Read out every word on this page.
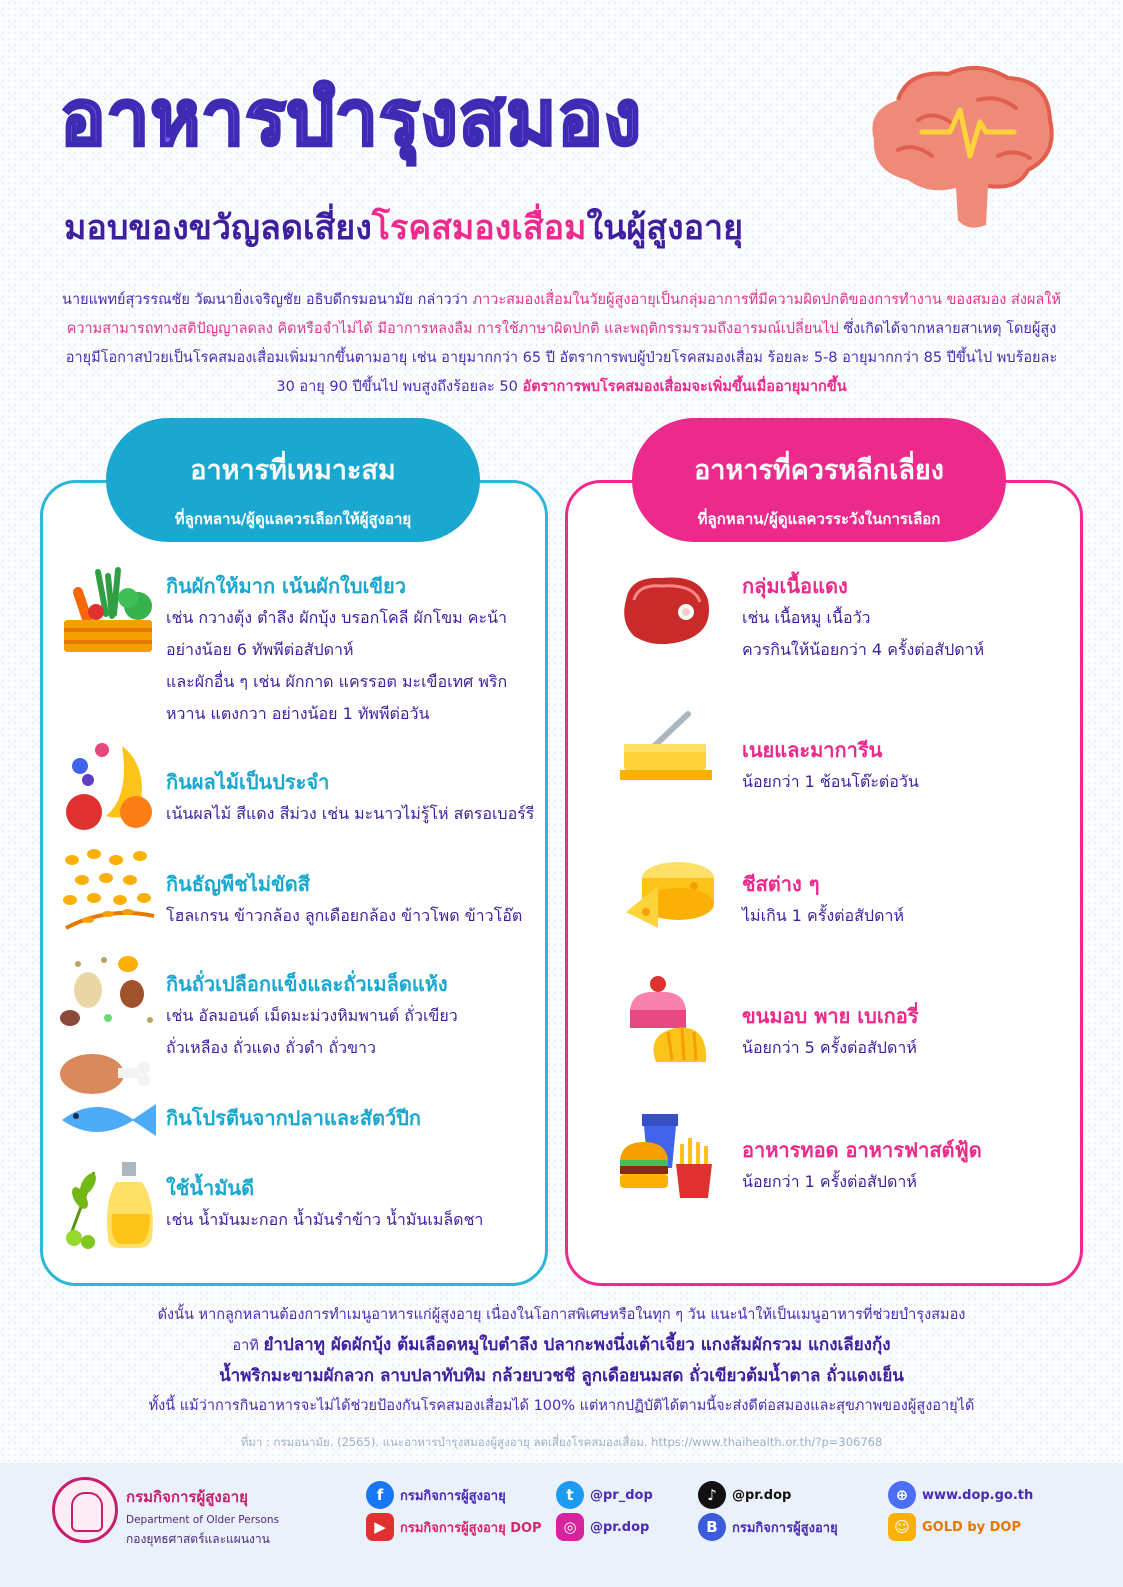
อาหารบำรุงสมอง
มอบของขวัญลดเสี่ยงโรคสมองเสื่อมในผู้สูงอายุ
นายแพทย์สุวรรณชัย วัฒนายิ่งเจริญชัย อธิบดีกรมอนามัย กล่าวว่า ภาวะสมองเสื่อมในวัยผู้สูงอายุเป็นกลุ่มอาการที่มีความผิดปกติของการทำงาน ของสมอง ส่งผลให้ความสามารถทางสติปัญญาลดลง คิดหรือจำไม่ได้ มีอาการหลงลืม การใช้ภาษาผิดปกติ และพฤติกรรมรวมถึงอารมณ์เปลี่ยนไป ซึ่งเกิดได้จากหลายสาเหตุ โดยผู้สูงอายุมีโอกาสป่วยเป็นโรคสมองเสื่อมเพิ่มมากขึ้นตามอายุ เช่น อายุมากกว่า 65 ปี อัตราการพบผู้ป่วยโรคสมองเสื่อม ร้อยละ 5-8 อายุมากกว่า 85 ปีขึ้นไป พบร้อยละ 30 อายุ 90 ปีขึ้นไป พบสูงถึงร้อยละ 50 อัตราการพบโรคสมองเสื่อมจะเพิ่มขึ้นเมื่ออายุมากขึ้น
อาหารที่เหมาะสม
ที่ลูกหลาน/ผู้ดูแลควรเลือกให้ผู้สูงอายุ
อาหารที่ควรหลีกเลี่ยง
ที่ลูกหลาน/ผู้ดูแลควรระวังในการเลือก
กินผักให้มาก เน้นผักใบเขียว
เช่น กวางตุ้ง ตำลึง ผักบุ้ง บรอกโคลี ผักโขม คะน้า
อย่างน้อย 6 ทัพพีต่อสัปดาห์
และผักอื่น ๆ เช่น ผักกาด แครรอต มะเขือเทศ พริก
หวาน แตงกวา อย่างน้อย 1 ทัพพีต่อวัน
กินผลไม้เป็นประจำ
เน้นผลไม้ สีแดง สีม่วง เช่น มะนาวไม่รู้โห่ สตรอเบอร์รี
กินธัญพืชไม่ขัดสี
โฮลเกรน ข้าวกล้อง ลูกเดือยกล้อง ข้าวโพด ข้าวโอ๊ต
กินถั่วเปลือกแข็งและถั่วเมล็ดแห้ง
เช่น อัลมอนด์ เม็ดมะม่วงหิมพานต์ ถั่วเขียว
ถั่วเหลือง ถั่วแดง ถั่วดำ ถั่วขาว
กินโปรตีนจากปลาและสัตว์ปีก
ใช้น้ำมันดี
เช่น น้ำมันมะกอก น้ำมันรำข้าว น้ำมันเมล็ดชา
กลุ่มเนื้อแดง
เช่น เนื้อหมู เนื้อวัว
ควรกินให้น้อยกว่า 4 ครั้งต่อสัปดาห์
เนยและมาการีน
น้อยกว่า 1 ช้อนโต๊ะต่อวัน
ชีสต่าง ๆ
ไม่เกิน 1 ครั้งต่อสัปดาห์
ขนมอบ พาย เบเกอรี่
น้อยกว่า 5 ครั้งต่อสัปดาห์
อาหารทอด อาหารฟาสต์ฟู้ด
น้อยกว่า 1 ครั้งต่อสัปดาห์
ดังนั้น หากลูกหลานต้องการทำเมนูอาหารแก่ผู้สูงอายุ เนื่องในโอกาสพิเศษหรือในทุก ๆ วัน แนะนำให้เป็นเมนูอาหารที่ช่วยบำรุงสมอง
อาทิ ยำปลาทู ผัดผักบุ้ง ต้มเลือดหมูใบตำลึง ปลากะพงนึ่งเต้าเจี้ยว แกงส้มผักรวม แกงเลียงกุ้ง
น้ำพริกมะขามผักลวก ลาบปลาทับทิม กล้วยบวชชี ลูกเดือยนมสด ถั่วเขียวต้มน้ำตาล ถั่วแดงเย็น
ทั้งนี้ แม้ว่าการกินอาหารจะไม่ได้ช่วยป้องกันโรคสมองเสื่อมได้ 100% แต่หากปฏิบัติได้ตามนี้จะส่งดีต่อสมองและสุขภาพของผู้สูงอายุได้
ที่มา : กรมอนามัย. (2565). แนะอาหารบำรุงสมองผู้สูงอายุ ลดเสี่ยงโรคสมองเสื่อม. https://www.thaihealth.or.th/?p=306768
กรมกิจการผู้สูงอายุ
Department of Older Persons
กองยุทธศาสตร์และแผนงาน
f	กรมกิจการผู้สูงอายุ
▶	กรมกิจการผู้สูงอายุ DOP
t	@pr_dop
◎	@pr.dop
♪	@pr.dop
B	กรมกิจการผู้สูงอายุ
⊕	www.dop.go.th
☺ GOLD by DOP
